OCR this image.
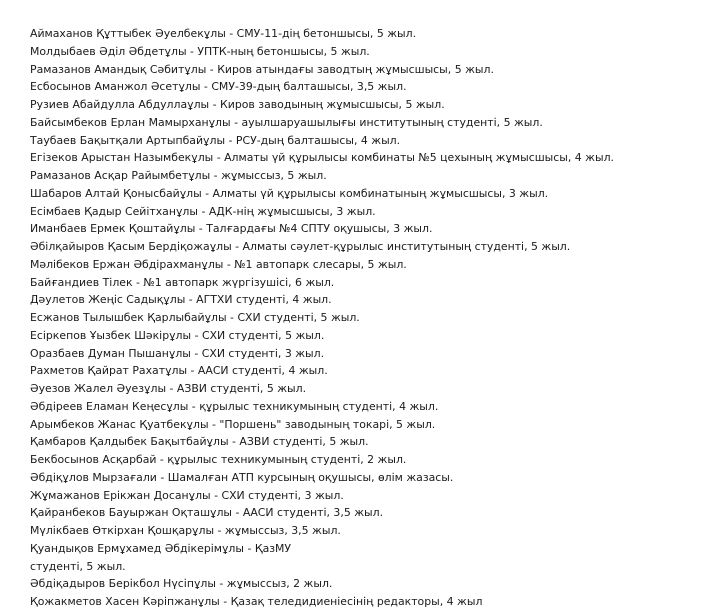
Аймаханов Құттыбек Әуелбекұлы - СМУ-11-дің бетоншысы, 5 жыл.
Молдыбаев Әділ Әбдетұлы - УПТК-ның бетоншысы, 5 жыл.
Рамазанов Амандық Сәбитұлы - Киров атындағы заводтың жұмысшысы, 5 жыл.
Есбосынов Аманжол Әсетұлы - СМУ-39-дың балташысы, 3,5 жыл.
Рузиев Абайдулла Абдуллаұлы - Киров заводының жұмысшысы, 5 жыл.
Байсымбеков Ерлан Мамырханұлы - ауылшаруашылығы институтының студенті, 5 жыл.
Таубаев Бақытқали Артыпбайұлы - РСУ-дың балташысы, 4 жыл.
Егізеков Арыстан Назымбекұлы - Алматы үй құрылысы комбинаты №5 цехының жұмысшысы, 4 жыл.
Рамазанов Асқар Райымбетұлы - жұмыссыз, 5 жыл.
Шабаров Алтай Қонысбайұлы - Алматы үй құрылысы комбинатының жұмысшысы, 3 жыл.
Есімбаев Қадыр Сейітханұлы - АДК-нің жұмысшысы, 3 жыл.
Иманбаев Ермек Қоштайұлы - Талғардағы №4 СПТУ оқушысы, 3 жыл.
Әбілқайыров Қасым Бердіқожаұлы - Алматы сәулет-құрылыс институтының студенті, 5 жыл.
Мәлібеков Ержан Әбдірахманұлы - №1 автопарк слесары, 5 жыл.
Байғандиев Тілек - №1 автопарк жүргізушісі, 6 жыл.
Дәулетов Жеңіс Садықұлы - АГТХИ студенті, 4 жыл.
Есжанов Тылышбек Қарлыбайұлы - СХИ студенті, 5 жыл.
Есіркепов Ұызбек Шәкірұлы - СХИ студенті, 5 жыл.
Оразбаев Думан Пышанұлы - СХИ студенті, 3 жыл.
Рахметов Қайрат Рахатұлы - ААСИ студенті, 4 жыл.
Әуезов Жалел Әуезұлы - АЗВИ студенті, 5 жыл.
Әбдіреев Еламан Кеңесұлы - құрылыс техникумының студенті, 4 жыл.
Арымбеков Жанас Қуатбекұлы - "Поршень" заводының токарі, 5 жыл.
Қамбаров Қалдыбек Бақытбайұлы - АЗВИ студенті, 5 жыл.
Бекбосынов Асқарбай - құрылыс техникумының студенті, 2 жыл.
Әбдіқұлов Мырзағали - Шамалған АТП курсының оқушысы, өлім жазасы.
Жұмажанов Ерікжан Досанұлы - СХИ студенті, 3 жыл.
Қайранбеков Бауыржан Оқташұлы - ААСИ студенті, 3,5 жыл.
Мүлікбаев Өткірхан Қошқарұлы - жұмыссыз, 3,5 жыл.
Қуандықов Ермұхамед Әбдікерімұлы - ҚазМУ
студенті, 5 жыл.
Әбдіқадыров Берікбол Нүсіпұлы - жұмыссыз, 2 жыл.
Қожакметов Хасен Кәріпжанұлы - Қазақ теледидиеніесінің редакторы, 4 жыл
